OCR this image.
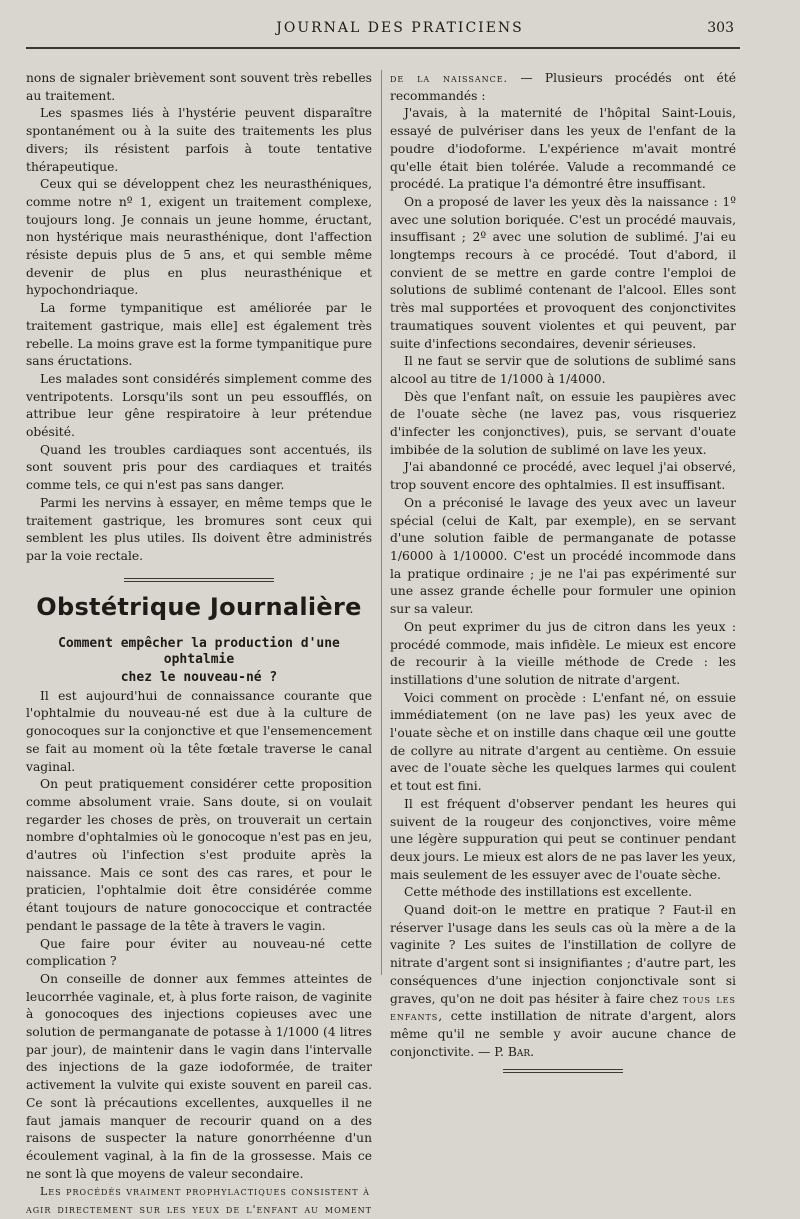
JOURNAL DES PRATICIENS	303

nons de signaler brièvement sont souvent très rebelles au traitement.

Les spasmes liés à l'hystérie peuvent disparaître spontanément ou à la suite des traitements les plus divers; ils résistent parfois à toute tentative thérapeutique.

Ceux qui se développent chez les neurasthéniques, comme notre nº 1, exigent un traitement complexe, toujours long. Je connais un jeune homme, éructant, non hystérique mais neurasthénique, dont l'affection résiste depuis plus de 5 ans, et qui semble même devenir de plus en plus neurasthénique et hypochondriaque.

La forme tympanitique est améliorée par le traitement gastrique, mais elle] est également très rebelle. La moins grave est la forme tympanitique pure sans éructations.

Les malades sont considérés simplement comme des ventripotents. Lorsqu'ils sont un peu essoufflés, on attribue leur gêne respiratoire à leur prétendue obésité.

Quand les troubles cardiaques sont accentués, ils sont souvent pris pour des cardiaques et traités comme tels, ce qui n'est pas sans danger.

Parmi les nervins à essayer, en même temps que le traitement gastrique, les bromures sont ceux qui semblent les plus utiles. Ils doivent être administrés par la voie rectale.

Obstétrique Journalière
Comment empêcher la production d'une ophtalmie
chez le nouveau-né ?

Il est aujourd'hui de connaissance courante que l'ophtalmie du nouveau-né est due à la culture de gonocoques sur la conjonctive et que l'ensemencement se fait au moment où la tête fœtale traverse le canal vaginal.

On peut pratiquement considérer cette proposition comme absolument vraie. Sans doute, si on voulait regarder les choses de près, on trouverait un certain nombre d'ophtalmies où le gonocoque n'est pas en jeu, d'autres où l'infection s'est produite après la naissance. Mais ce sont des cas rares, et pour le praticien, l'ophtalmie doit être considérée comme étant toujours de nature gonococcique et contractée pendant le passage de la tête à travers le vagin.

Que faire pour éviter au nouveau-né cette complication ?

On conseille de donner aux femmes atteintes de leucorrhée vaginale, et, à plus forte raison, de vaginite à gonocoques des injections copieuses avec une solution de permanganate de potasse à 1/1000 (4 litres par jour), de maintenir dans le vagin dans l'intervalle des injections de la gaze iodoformée, de traiter activement la vulvite qui existe souvent en pareil cas. Ce sont là précautions excellentes, auxquelles il ne faut jamais manquer de recourir quand on a des raisons de suspecter la nature gonorrhéenne d'un écoulement vaginal, à la fin de la grossesse. Mais ce ne sont là que moyens de valeur secondaire.

Les procédés vraiment prophylactiques consistent à

agir directement sur les yeux de l'enfant au moment

de la naissance. — Plusieurs procédés ont été recommandés :

J'avais, à la maternité de l'hôpital Saint-Louis, essayé de pulvériser dans les yeux de l'enfant de la poudre d'iodoforme. L'expérience m'avait montré qu'elle était bien tolérée. Valude a recommandé ce procédé. La pratique l'a démontré être insuffisant.

On a proposé de laver les yeux dès la naissance : 1º avec une solution boriquée. C'est un procédé mauvais, insuffisant ; 2º avec une solution de sublimé. J'ai eu longtemps recours à ce procédé. Tout d'abord, il convient de se mettre en garde contre l'emploi de solutions de sublimé contenant de l'alcool. Elles sont très mal supportées et provoquent des conjonctivites traumatiques souvent violentes et qui peuvent, par suite d'infections secondaires, devenir sérieuses.

Il ne faut se servir que de solutions de sublimé sans alcool au titre de 1/1000 à 1/4000.

Dès que l'enfant naît, on essuie les paupières avec de l'ouate sèche (ne lavez pas, vous risqueriez d'infecter les conjonctives), puis, se servant d'ouate imbibée de la solution de sublimé on lave les yeux.

J'ai abandonné ce procédé, avec lequel j'ai observé, trop souvent encore des ophtalmies. Il est insuffisant.

On a préconisé le lavage des yeux avec un laveur spécial (celui de Kalt, par exemple), en se servant d'une solution faible de permanganate de potasse 1/6000 à 1/10000. C'est un procédé incommode dans la pratique ordinaire ; je ne l'ai pas expérimenté sur une assez grande échelle pour formuler une opinion sur sa valeur.

On peut exprimer du jus de citron dans les yeux : procédé commode, mais infidèle. Le mieux est encore de recourir à la vieille méthode de Crede : les instillations d'une solution de nitrate d'argent.

Voici comment on procède : L'enfant né, on essuie immédiatement (on ne lave pas) les yeux avec de l'ouate sèche et on instille dans chaque œil une goutte de collyre au nitrate d'argent au centième. On essuie avec de l'ouate sèche les quelques larmes qui coulent et tout est fini.

Il est fréquent d'observer pendant les heures qui suivent de la rougeur des conjonctives, voire même une légère suppuration qui peut se continuer pendant deux jours. Le mieux est alors de ne pas laver les yeux, mais seulement de les essuyer avec de l'ouate sèche.

Cette méthode des instillations est excellente.

Quand doit-on le mettre en pratique ? Faut-il en réserver l'usage dans les seuls cas où la mère a de la vaginite ? Les suites de l'instillation de collyre de nitrate d'argent sont si insignifiantes ; d'autre part, les conséquences d'une injection conjonctivale sont si graves, qu'on ne doit pas hésiter à faire chez tous les enfants, cette instillation de nitrate d'argent, alors même qu'il ne semble y avoir aucune chance de conjonctivite. — P. Bar.
